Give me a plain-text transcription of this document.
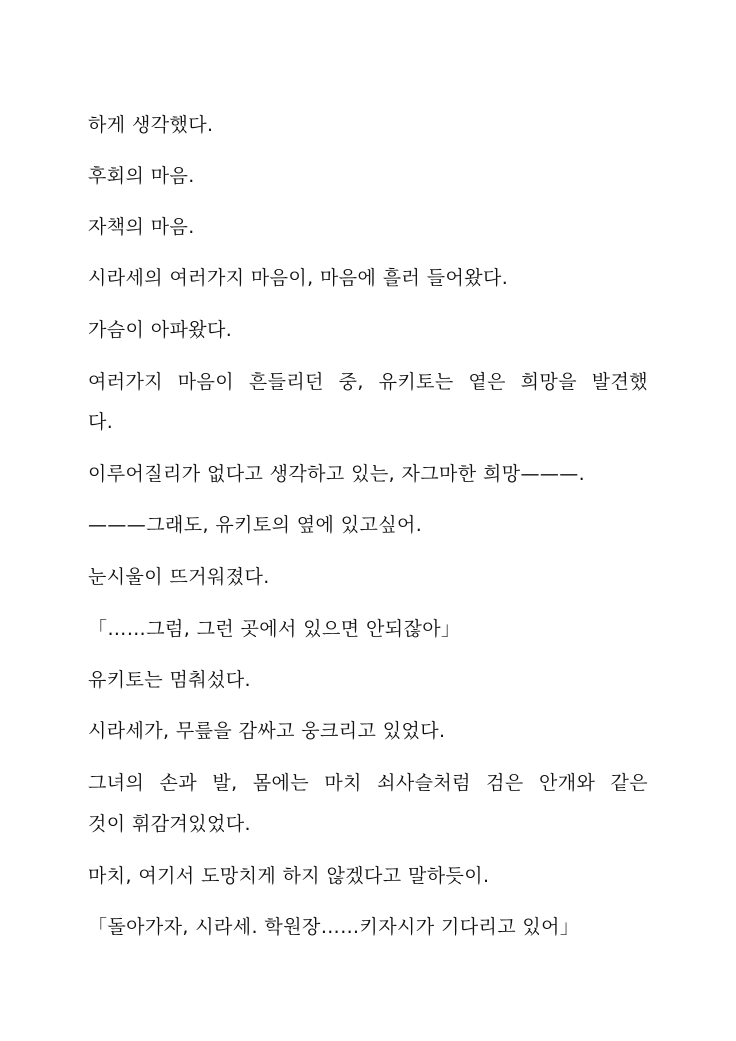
하게 생각했다.
후회의 마음.
자책의 마음.
시라세의 여러가지 마음이, 마음에 흘러 들어왔다.
가슴이 아파왔다.
여러가지 마음이 흔들리던 중, 유키토는 옅은 희망을 발견했
다.
이루어질리가 없다고 생각하고 있는, 자그마한 희망———.
———그래도, 유키토의 옆에 있고싶어.
눈시울이 뜨거워졌다.
「……그럼, 그런 곳에서 있으면 안되잖아」
유키토는 멈춰섰다.
시라세가, 무릎을 감싸고 웅크리고 있었다.
그녀의 손과 발, 몸에는 마치 쇠사슬처럼 검은 안개와 같은
것이 휘감겨있었다.
마치, 여기서 도망치게 하지 않겠다고 말하듯이.
「돌아가자, 시라세. 학원장……키자시가 기다리고 있어」
